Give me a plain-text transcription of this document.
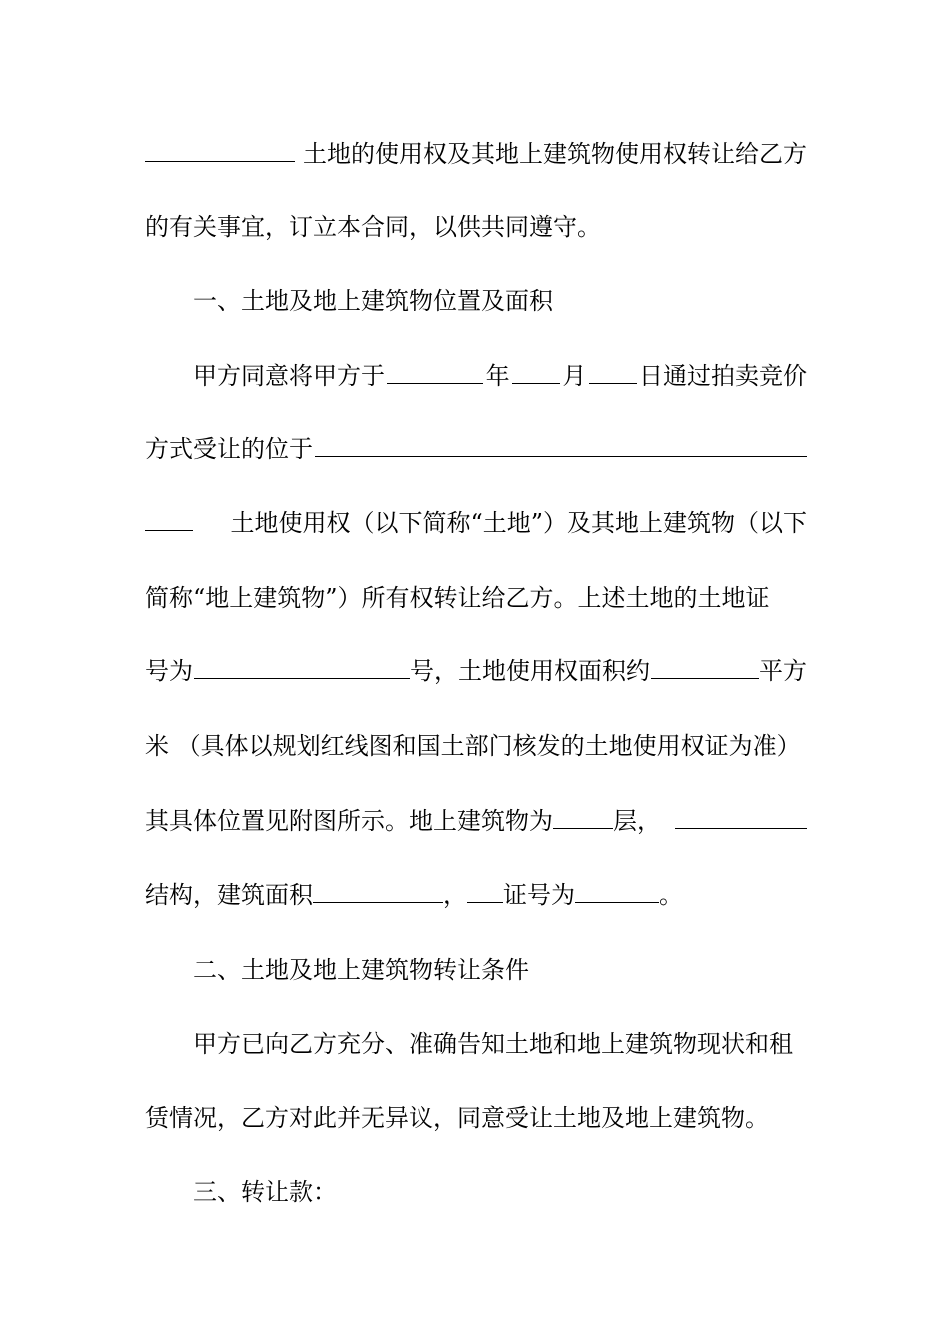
土地的使用权及其地上建筑物使用权转让给乙方
的有关事宜，订立本合同，以供共同遵守。
一、土地及地上建筑物位置及面积
甲方同意将甲方于	年 月 日通过拍卖竞价
方式受让的位于
土地使用权（以下简称“土地”）及其地上建筑物（以下
简称“地上建筑物”）所有权转让给乙方。上述土地的土地证
号为	号，土地使用权面积约	平方
米 （具体以规划红线图和国土部门核发的土地使用权证为准）
其具体位置见附图所示。地上建筑物为	层，
结构，建筑面积	， 证号为	。
二、土地及地上建筑物转让条件
甲方已向乙方充分、准确告知土地和地上建筑物现状和租
赁情况，乙方对此并无异议，同意受让土地及地上建筑物。
三、转让款：
